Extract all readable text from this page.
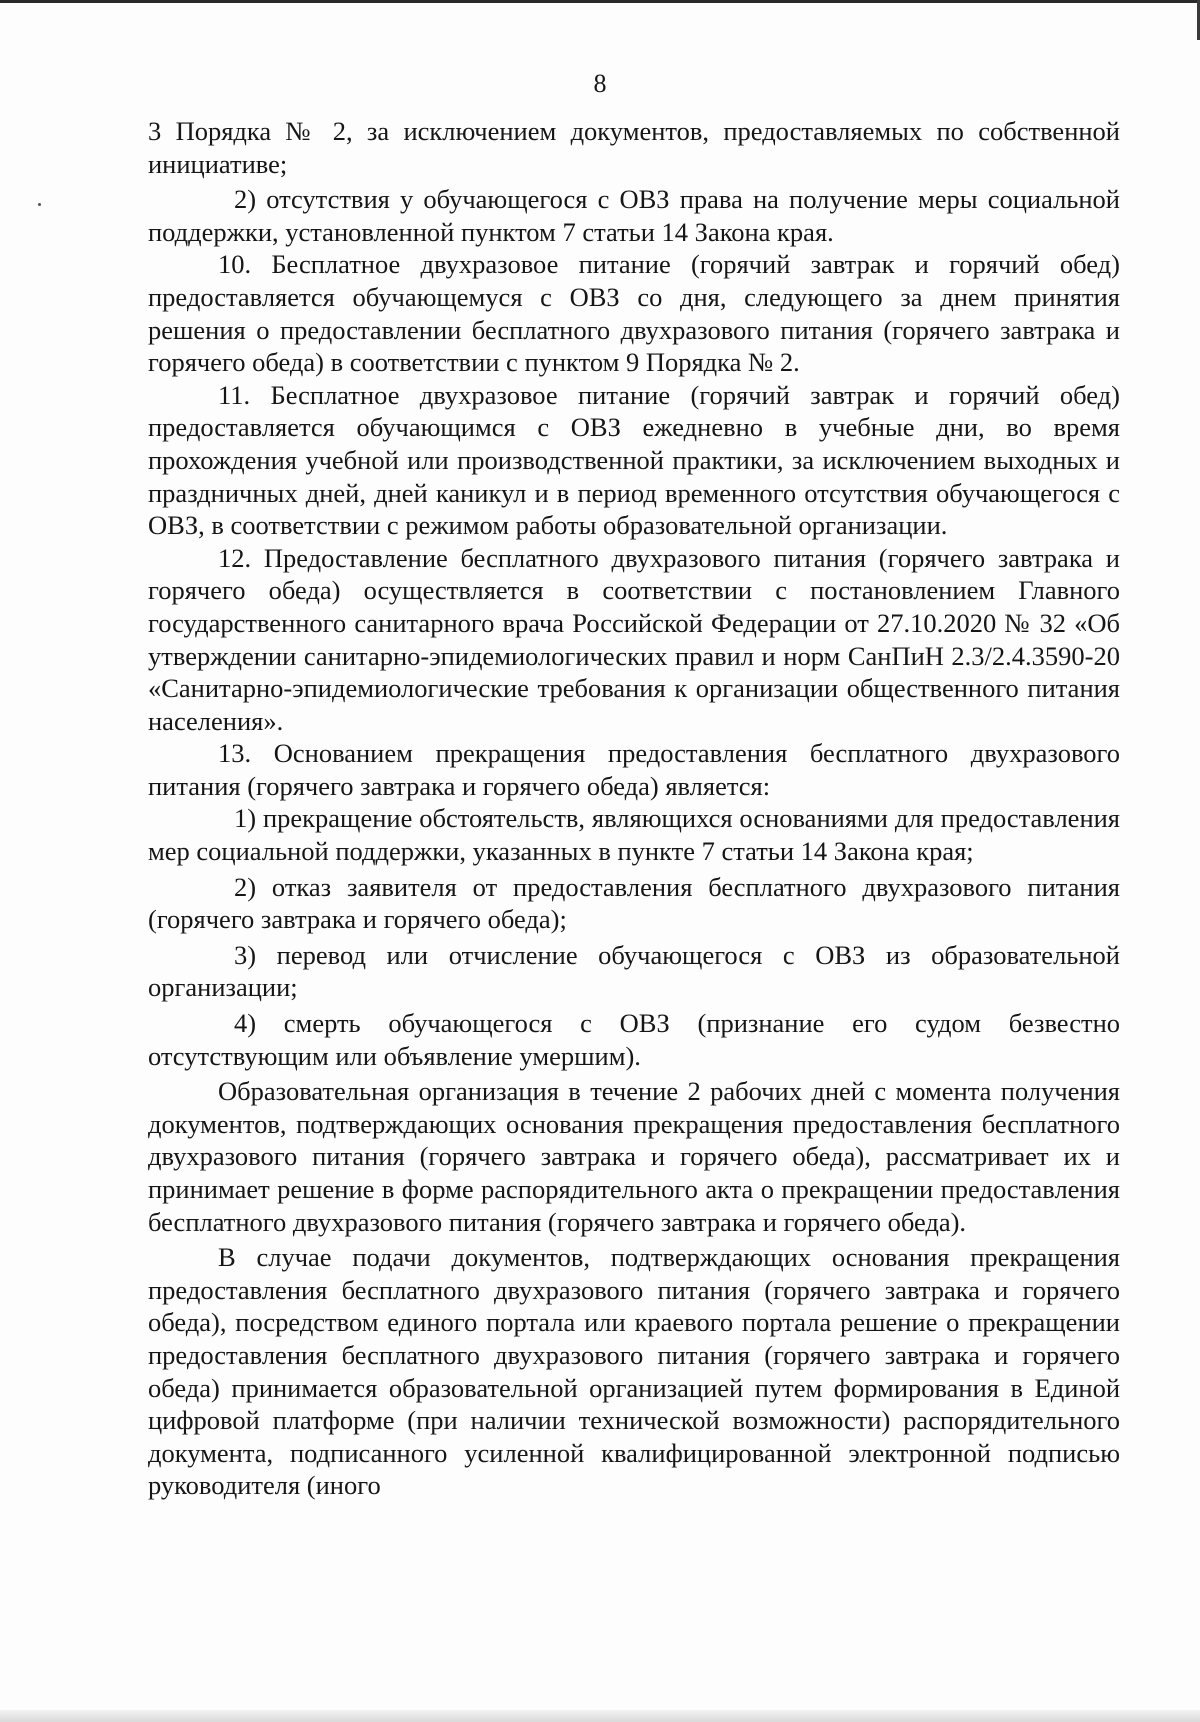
8

3 Порядка № 2, за исключением документов, предоставляемых по собственной инициативе;

2) отсутствия у обучающегося с ОВЗ права на получение меры социальной поддержки, установленной пунктом 7 статьи 14 Закона края.

10. Бесплатное двухразовое питание (горячий завтрак и горячий обед) предоставляется обучающемуся с ОВЗ со дня, следующего за днем принятия решения о предоставлении бесплатного двухразового питания (горячего завтрака и горячего обеда) в соответствии с пунктом 9 Порядка № 2.

11. Бесплатное двухразовое питание (горячий завтрак и горячий обед) предоставляется обучающимся с ОВЗ ежедневно в учебные дни, во время прохождения учебной или производственной практики, за исключением выходных и праздничных дней, дней каникул и в период временного отсутствия обучающегося с ОВЗ, в соответствии с режимом работы образовательной организации.

12. Предоставление бесплатного двухразового питания (горячего завтрака и горячего обеда) осуществляется в соответствии с постановлением Главного государственного санитарного врача Российской Федерации от 27.10.2020 № 32 «Об утверждении санитарно-эпидемиологических правил и норм СанПиН 2.3/2.4.3590-20 «Санитарно-эпидемиологические требования к организации общественного питания населения».

13. Основанием прекращения предоставления бесплатного двухразового питания (горячего завтрака и горячего обеда) является:

1) прекращение обстоятельств, являющихся основаниями для предоставления мер социальной поддержки, указанных в пункте 7 статьи 14 Закона края;

2) отказ заявителя от предоставления бесплатного двухразового питания (горячего завтрака и горячего обеда);

3) перевод или отчисление обучающегося с ОВЗ из образовательной организации;

4) смерть обучающегося с ОВЗ (признание его судом безвестно отсутствующим или объявление умершим).

Образовательная организация в течение 2 рабочих дней с момента получения документов, подтверждающих основания прекращения предоставления бесплатного двухразового питания (горячего завтрака и горячего обеда), рассматривает их и принимает решение в форме распорядительного акта о прекращении предоставления бесплатного двухразового питания (горячего завтрака и горячего обеда).

В случае подачи документов, подтверждающих основания прекращения предоставления бесплатного двухразового питания (горячего завтрака и горячего обеда), посредством единого портала или краевого портала решение о прекращении предоставления бесплатного двухразового питания (горячего завтрака и горячего обеда) принимается образовательной организацией путем формирования в Единой цифровой платформе (при наличии технической возможности) распорядительного документа, подписанного усиленной квалифицированной электронной подписью руководителя (иного
